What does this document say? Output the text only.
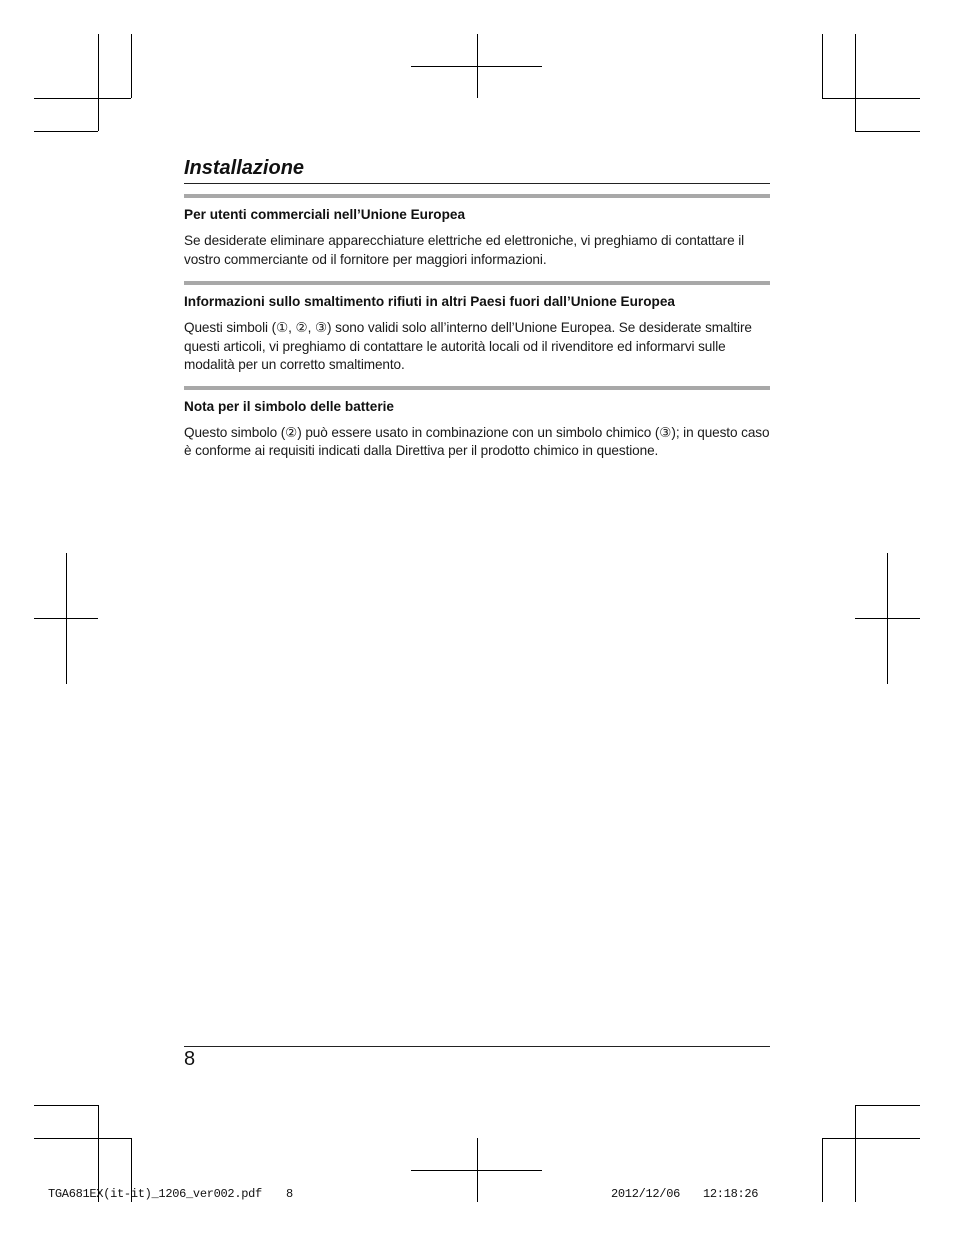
Installazione

Per utenti commerciali nell’Unione Europea

Se desiderate eliminare apparecchiature elettriche ed elettroniche, vi preghiamo di contattare il vostro commerciante od il fornitore per maggiori informazioni.

Informazioni sullo smaltimento rifiuti in altri Paesi fuori dall’Unione Europea

Questi simboli (①, ②, ③) sono validi solo all’interno dell’Unione Europea. Se desiderate smaltire questi articoli, vi preghiamo di contattare le autorità locali od il rivenditore ed informarvi sulle modalità per un corretto smaltimento.

Nota per il simbolo delle batterie

Questo simbolo (②) può essere usato in combinazione con un simbolo chimico (③); in questo caso è conforme ai requisiti indicati dalla Direttiva per il prodotto chimico in questione.

8
TGA681EX(it-it)_1206_ver002.pdf 8	2012/12/06 12:18:26
